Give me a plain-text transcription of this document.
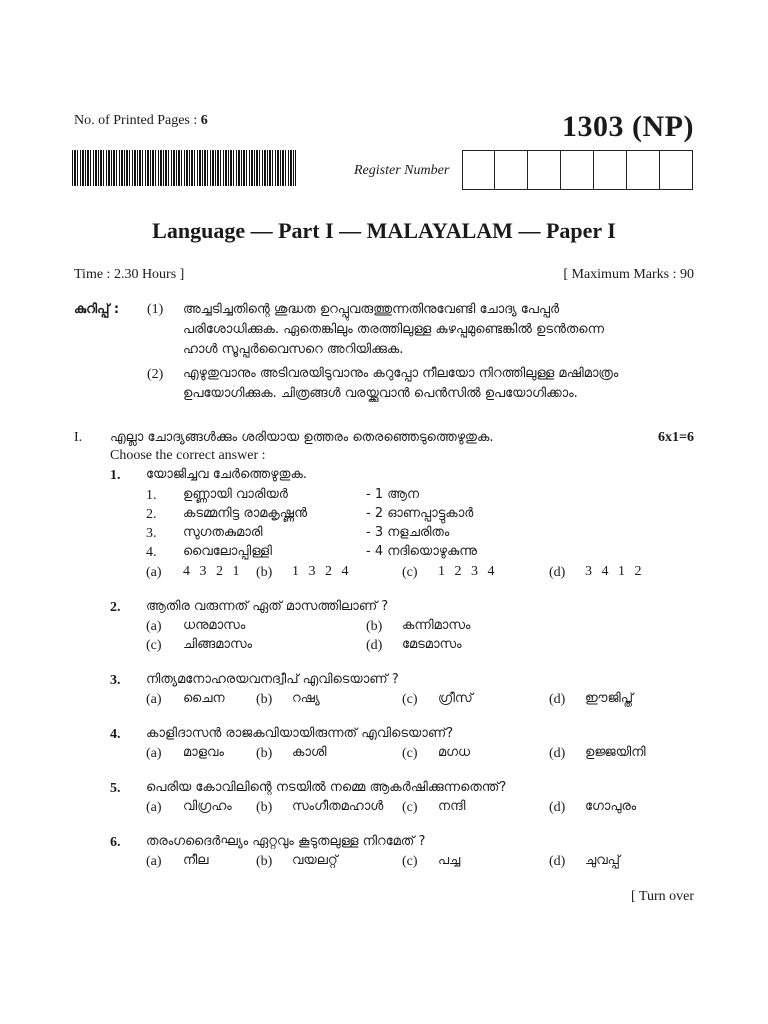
No. of Printed Pages : 6	1303 (NP)
Register Number
Language — Part I — MALAYALAM — Paper I
Time : 2.30 Hours ]	[ Maximum Marks : 90
കുറിപ്പ് : (1) അച്ചടിച്ചതിന്റെ ശുദ്ധത ഉറപ്പുവരുത്തുന്നതിനുവേണ്ടി ചോദ്യ പേപ്പർ
പരിശോധിക്കുക. ഏതെങ്കിലും തരത്തിലുള്ള കുഴപ്പമുണ്ടെങ്കിൽ ഉടൻതന്നെ
ഹാൾ സൂപ്പർവൈസറെ അറിയിക്കുക.
(2) എഴുതുവാനും അടിവരയിടുവാനും കറുപ്പോ നീലയോ നിറത്തിലുള്ള മഷിമാത്രം
ഉപയോഗിക്കുക. ചിത്രങ്ങൾ വരയ്ക്കുവാൻ പെൻസിൽ ഉപയോഗിക്കാം.
I. എല്ലാ ചോദ്യങ്ങൾക്കും ശരിയായ ഉത്തരം തെരഞ്ഞെടുത്തെഴുതുക.	6x1=6
Choose the correct answer :
1. യോജിച്ചവ ചേർത്തെഴുതുക.
1. ഉണ്ണായി വാരിയർ	- 1 ആന
2. കടമ്മനിട്ട രാമകൃഷ്ണൻ	- 2 ഓണപ്പാട്ടുകാർ
3. സുഗതകുമാരി	- 3 നളചരിതം
4. വൈലോപ്പിള്ളി	- 4 നദിയൊഴുകുന്നു
(a) 4 3 2 1 (b) 1 3 2 4	(c) 1 2 3 4	(d) 3 4 1 2
2. ആതിര വരുന്നത് ഏത് മാസത്തിലാണ് ?
(a) ധനുമാസം	(b) കന്നിമാസം
(c) ചിങ്ങമാസം	(d) മേടമാസം
3. നിത്യമനോഹരയവനദ്വീപ് എവിടെയാണ് ?
(a) ചൈന (b) റഷ്യ	(c) ഗ്രീസ്	(d) ഈജിപ്ത്
4. കാളിദാസൻ രാജകവിയായിരുന്നത് എവിടെയാണ്?
(a) മാളവം (b) കാശി	(c) മഗധ	(d) ഉജ്ജയിനി
5. പെരിയ കോവിലിന്റെ നടയിൽ നമ്മെ ആകർഷിക്കുന്നതെന്ത്?
(a) വിഗ്രഹം (b) സംഗീതമഹാൾ (c) നന്ദി	(d) ഗോപുരം
6. തരംഗദൈർഘ്യം ഏറ്റവും കൂടുതലുള്ള നിറമേത് ?
(a) നീല	(b) വയലറ്റ്	(c) പച്ച	(d) ചുവപ്പ്
[ Turn over
